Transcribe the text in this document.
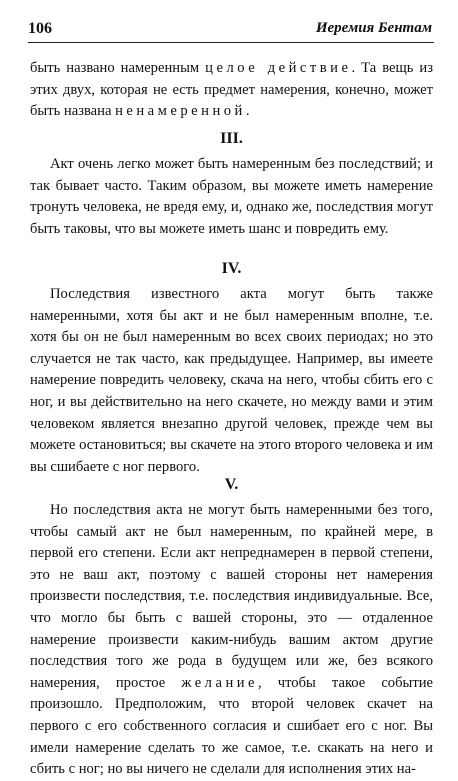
106	Иеремия Бентам

быть названо намеренным целое действие. Та вещь из этих двух, которая не есть предмет намерения, конечно, может быть названа ненамеренной.

III.

Акт очень легко может быть намеренным без последствий; и так бывает часто. Таким образом, вы можете иметь намерение тронуть человека, не вредя ему, и, однако же, последствия могут быть таковы, что вы можете иметь шанс и повредить ему.

IV.

Последствия известного акта могут быть также намеренными, хотя бы акт и не был намеренным вполне, т.е. хотя бы он не был намеренным во всех своих периодах; но это случается не так часто, как предыдущее. Например, вы имеете намерение повредить человеку, скача на него, чтобы сбить его с ног, и вы действительно на него скачете, но между вами и этим человеком является внезапно другой человек, прежде чем вы можете остановиться; вы скачете на этого второго человека и им вы сшибаете с ног первого.

V.

Но последствия акта не могут быть намеренными без того, чтобы самый акт не был намеренным, по крайней мере, в первой его степени. Если акт непреднамерен в первой степени, это не ваш акт, поэтому с вашей стороны нет намерения произвести последствия, т.е. последствия индивидуальные. Все, что могло бы быть с вашей стороны, это — отдаленное намерение произвести каким-нибудь вашим актом другие последствия того же рода в будущем или же, без всякого намерения, простое желание, чтобы такое событие произошло. Предположим, что второй человек скачет на первого с его собственного согласия и сшибает его с ног. Вы имели намерение сделать то же самое, т.е. скакать на него и сбить с ног; но вы ничего не сделали для исполнения этих на-
